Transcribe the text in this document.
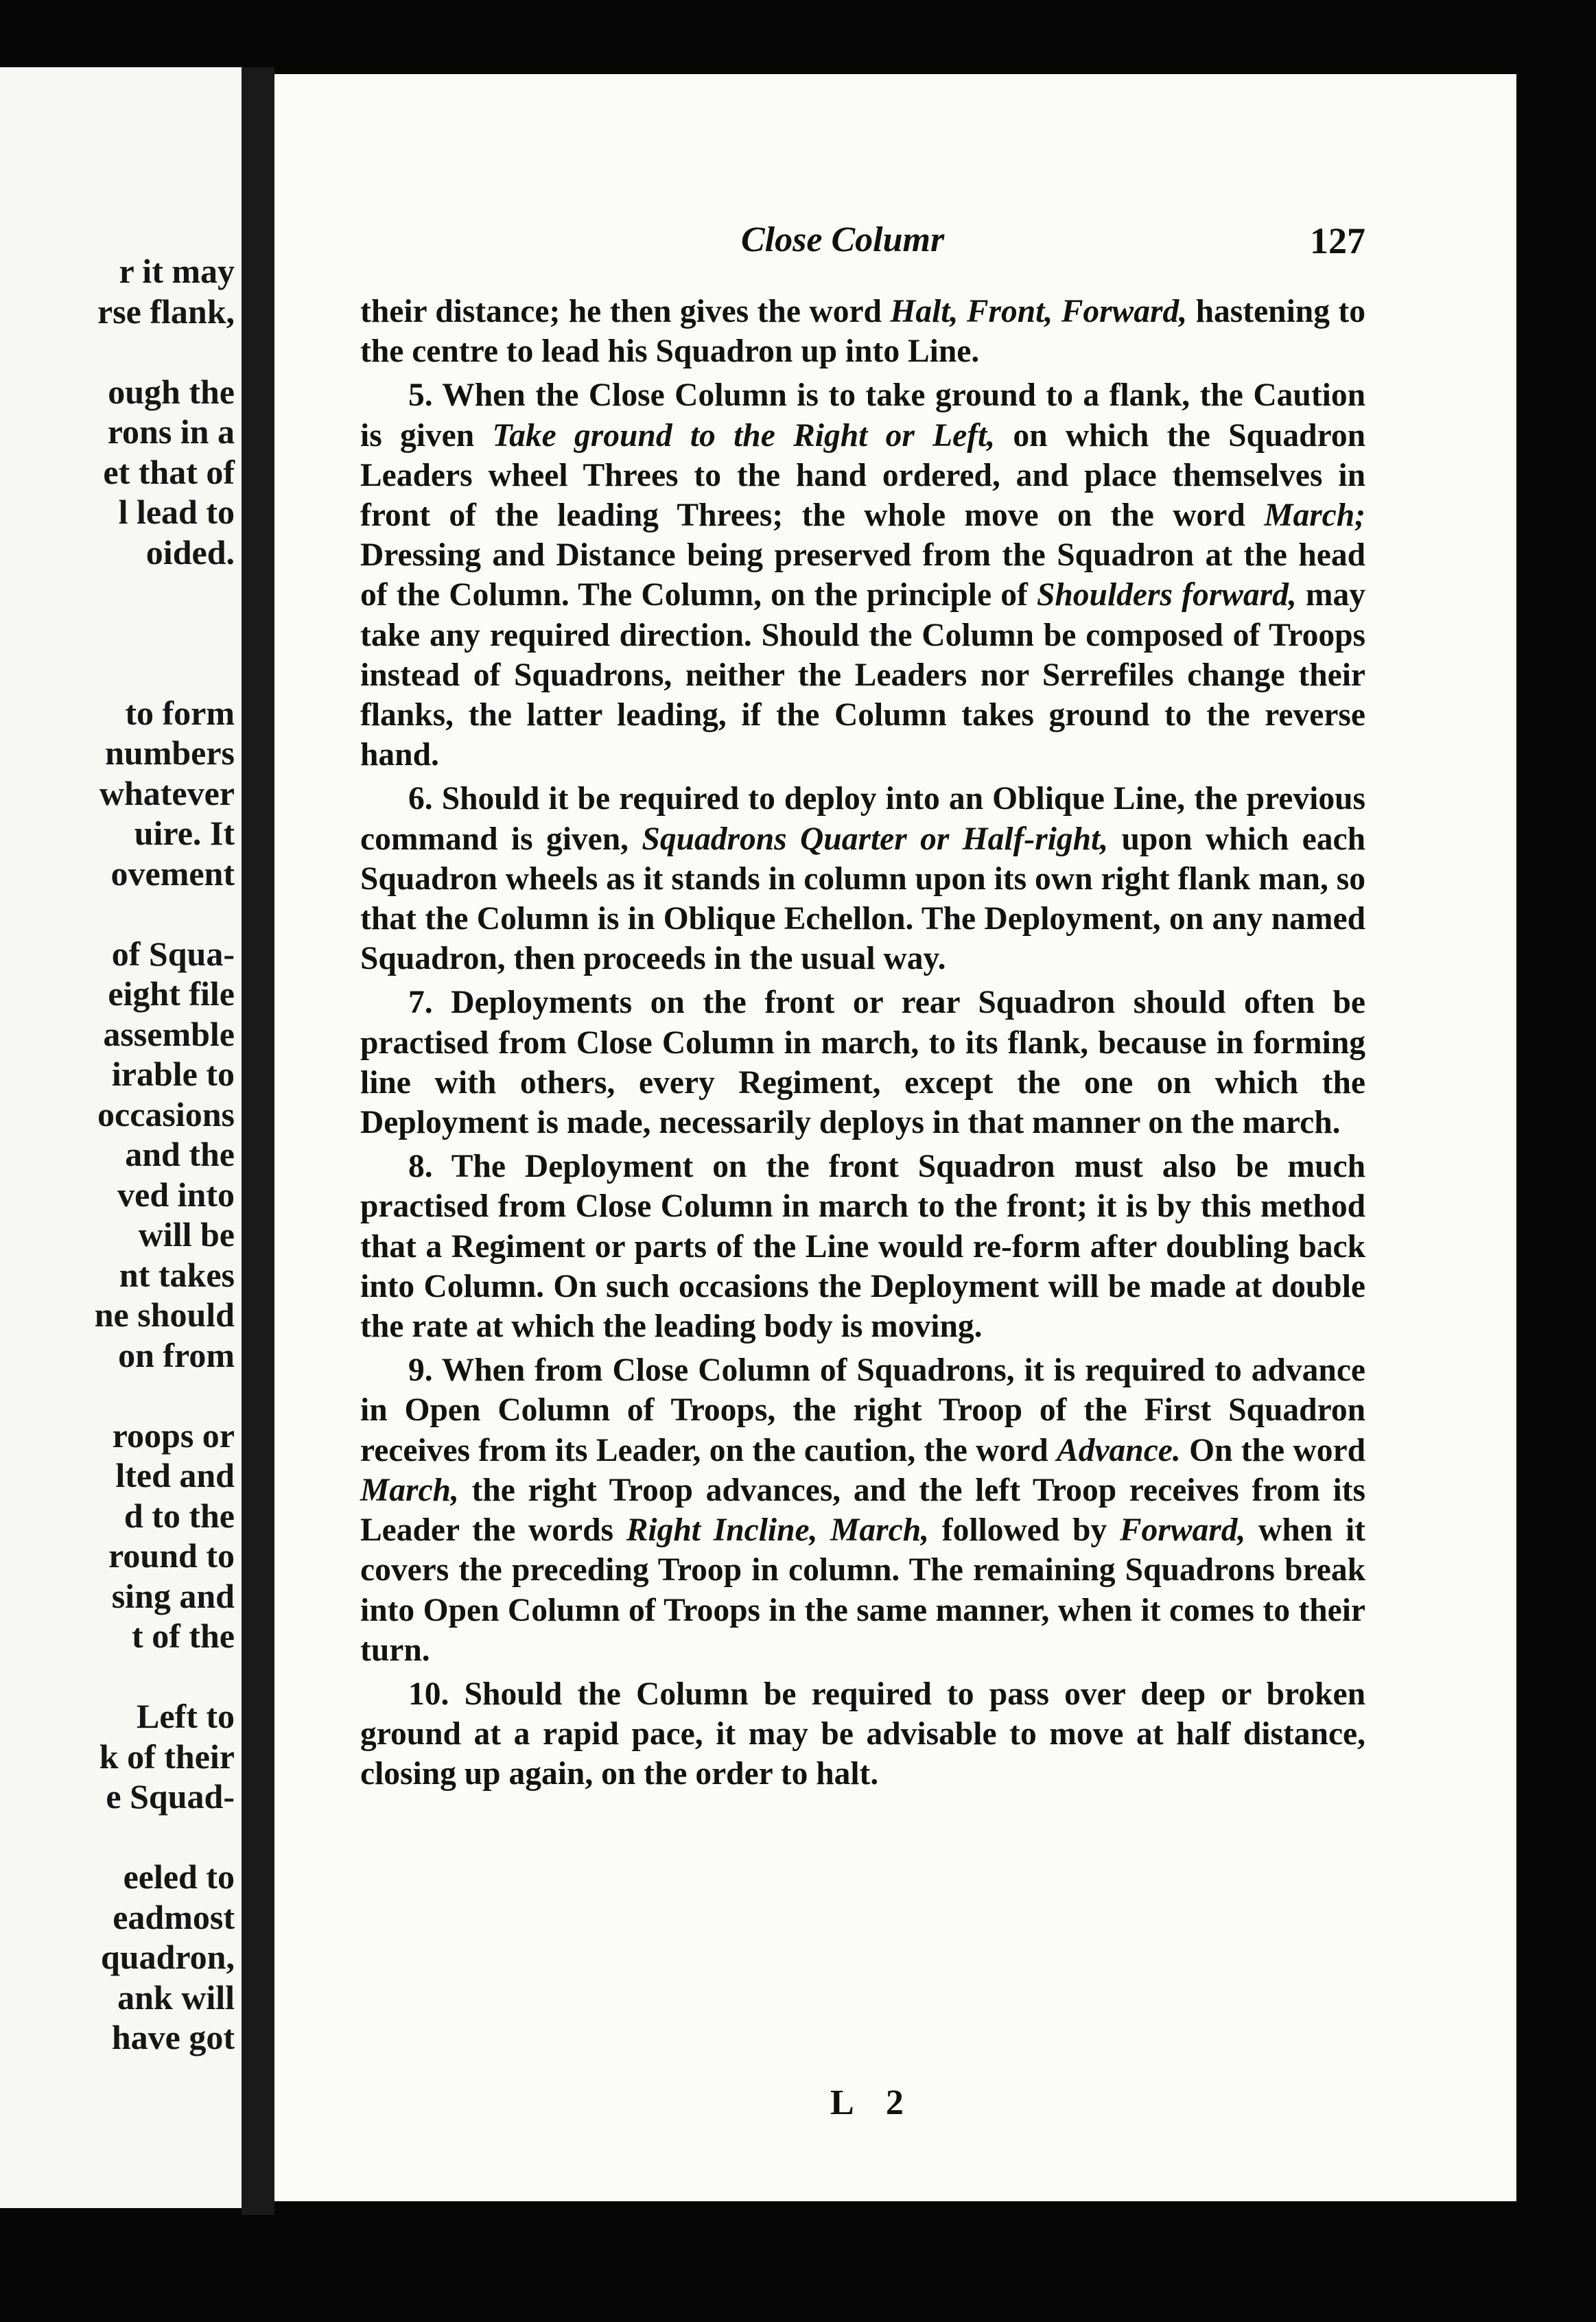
r it may
rse flank,
ough the
rons in a
et that of
l lead to
oided.
to form
numbers
whatever
uire. It
ovement
of Squa-
eight file
assemble
irable to
occasions
and the
ved into
will be
nt takes
ne should
on from
roops or
lted and
d to the
round to
sing and
t of the
Left to
k of their
e Squad-
eeled to
eadmost
quadron,
ank will
have got
Close Columr	127

their distance; he then gives the word Halt, Front, Forward, hastening to the centre to lead his Squadron up into Line.

5. When the Close Column is to take ground to a flank, the Caution is given Take ground to the Right or Left, on which the Squadron Leaders wheel Threes to the hand ordered, and place themselves in front of the leading Threes; the whole move on the word March; Dressing and Distance being preserved from the Squadron at the head of the Column. The Column, on the principle of Shoulders forward, may take any required direction. Should the Column be composed of Troops instead of Squadrons, neither the Leaders nor Serrefiles change their flanks, the latter leading, if the Column takes ground to the reverse hand.

6. Should it be required to deploy into an Oblique Line, the previous command is given, Squadrons Quarter or Half-right, upon which each Squadron wheels as it stands in column upon its own right flank man, so that the Column is in Oblique Echellon. The Deployment, on any named Squadron, then proceeds in the usual way.

7. Deployments on the front or rear Squadron should often be practised from Close Column in march, to its flank, because in forming line with others, every Regiment, except the one on which the Deployment is made, necessarily deploys in that manner on the march.

8. The Deployment on the front Squadron must also be much practised from Close Column in march to the front; it is by this method that a Regiment or parts of the Line would re-form after doubling back into Column. On such occasions the Deployment will be made at double the rate at which the leading body is moving.

9. When from Close Column of Squadrons, it is required to advance in Open Column of Troops, the right Troop of the First Squadron receives from its Leader, on the caution, the word Advance. On the word March, the right Troop advances, and the left Troop receives from its Leader the words Right Incline, March, followed by Forward, when it covers the preceding Troop in column. The remaining Squadrons break into Open Column of Troops in the same manner, when it comes to their turn.

10. Should the Column be required to pass over deep or broken ground at a rapid pace, it may be advisable to move at half distance, closing up again, on the order to halt.

L 2
